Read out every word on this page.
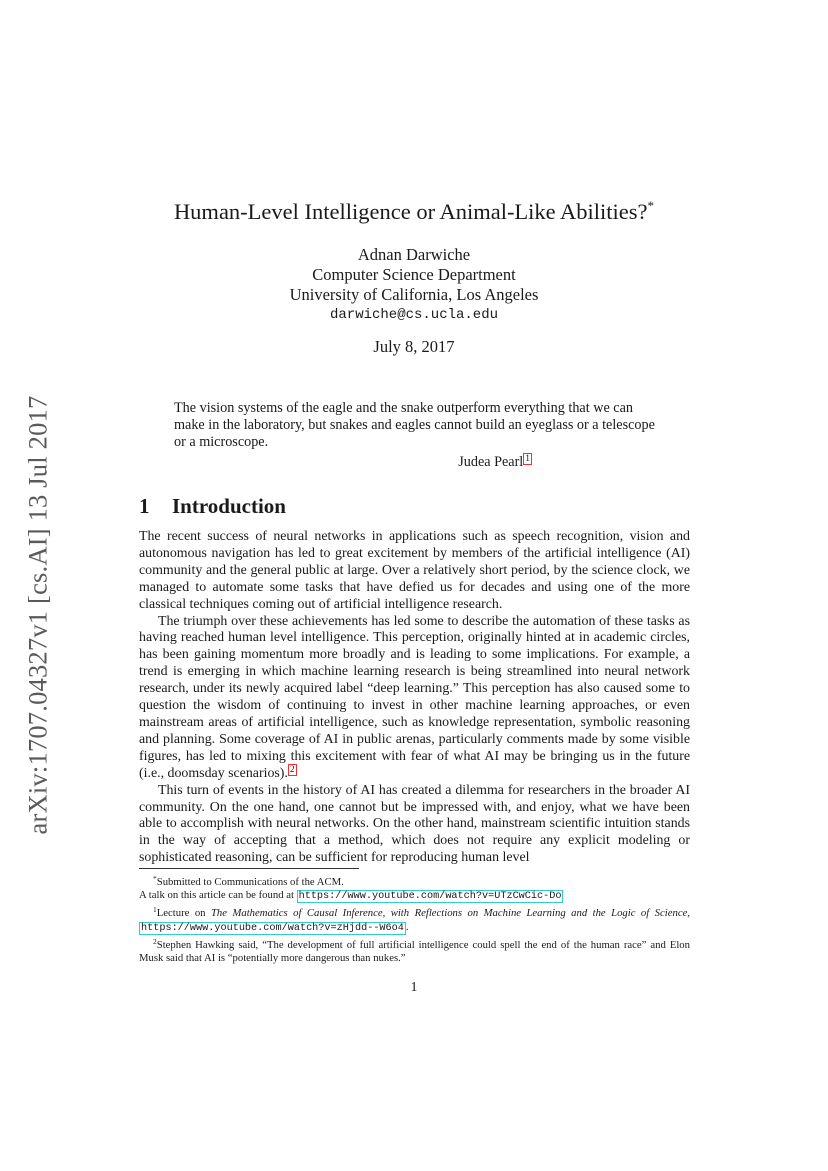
arXiv:1707.04327v1 [cs.AI] 13 Jul 2017
Human-Level Intelligence or Animal-Like Abilities?*
Adnan Darwiche
Computer Science Department
University of California, Los Angeles
darwiche@cs.ucla.edu
July 8, 2017
The vision systems of the eagle and the snake outperform everything that we can make in the laboratory, but snakes and eagles cannot build an eyeglass or a telescope or a microscope.
Judea Pearl $^1$
1 Introduction

The recent success of neural networks in applications such as speech recognition, vision and autonomous navigation has led to great excitement by members of the artificial intelligence (AI) community and the general public at large. Over a relatively short period, by the science clock, we managed to automate some tasks that have defied us for decades and using one of the more classical techniques coming out of artificial intelligence research.

The triumph over these achievements has led some to describe the automation of these tasks as having reached human level intelligence. This perception, originally hinted at in academic circles, has been gaining momentum more broadly and is leading to some implications. For example, a trend is emerging in which machine learning research is being streamlined into neural network research, under its newly acquired label “deep learning.” This perception has also caused some to question the wisdom of continuing to invest in other machine learning approaches, or even mainstream areas of artificial intelligence, such as knowledge representation, symbolic reasoning and planning. Some coverage of AI in public arenas, particularly comments made by some visible figures, has led to mixing this excitement with fear of what AI may be bringing us in the future (i.e., doomsday scenarios). $^2$

This turn of events in the history of AI has created a dilemma for researchers in the broader AI community. On the one hand, one cannot but be impressed with, and enjoy, what we have been able to accomplish with neural networks. On the other hand, mainstream scientific intuition stands in the way of accepting that a method, which does not require any explicit modeling or sophisticated reasoning, can be sufficient for reproducing human level

*Submitted to Communications of the ACM.

A talk on this article can be found at https://www.youtube.com/watch?v=UTzCwCic-Do

$^1$Lecture on The Mathematics of Causal Inference, with Reflections on Machine Learning and the Logic of Science, https://www.youtube.com/watch?v=zHjdd--W6o4 .

$^2$Stephen Hawking said, “The development of full artificial intelligence could spell the end of the human race” and Elon Musk said that AI is “potentially more dangerous than nukes.”

1
